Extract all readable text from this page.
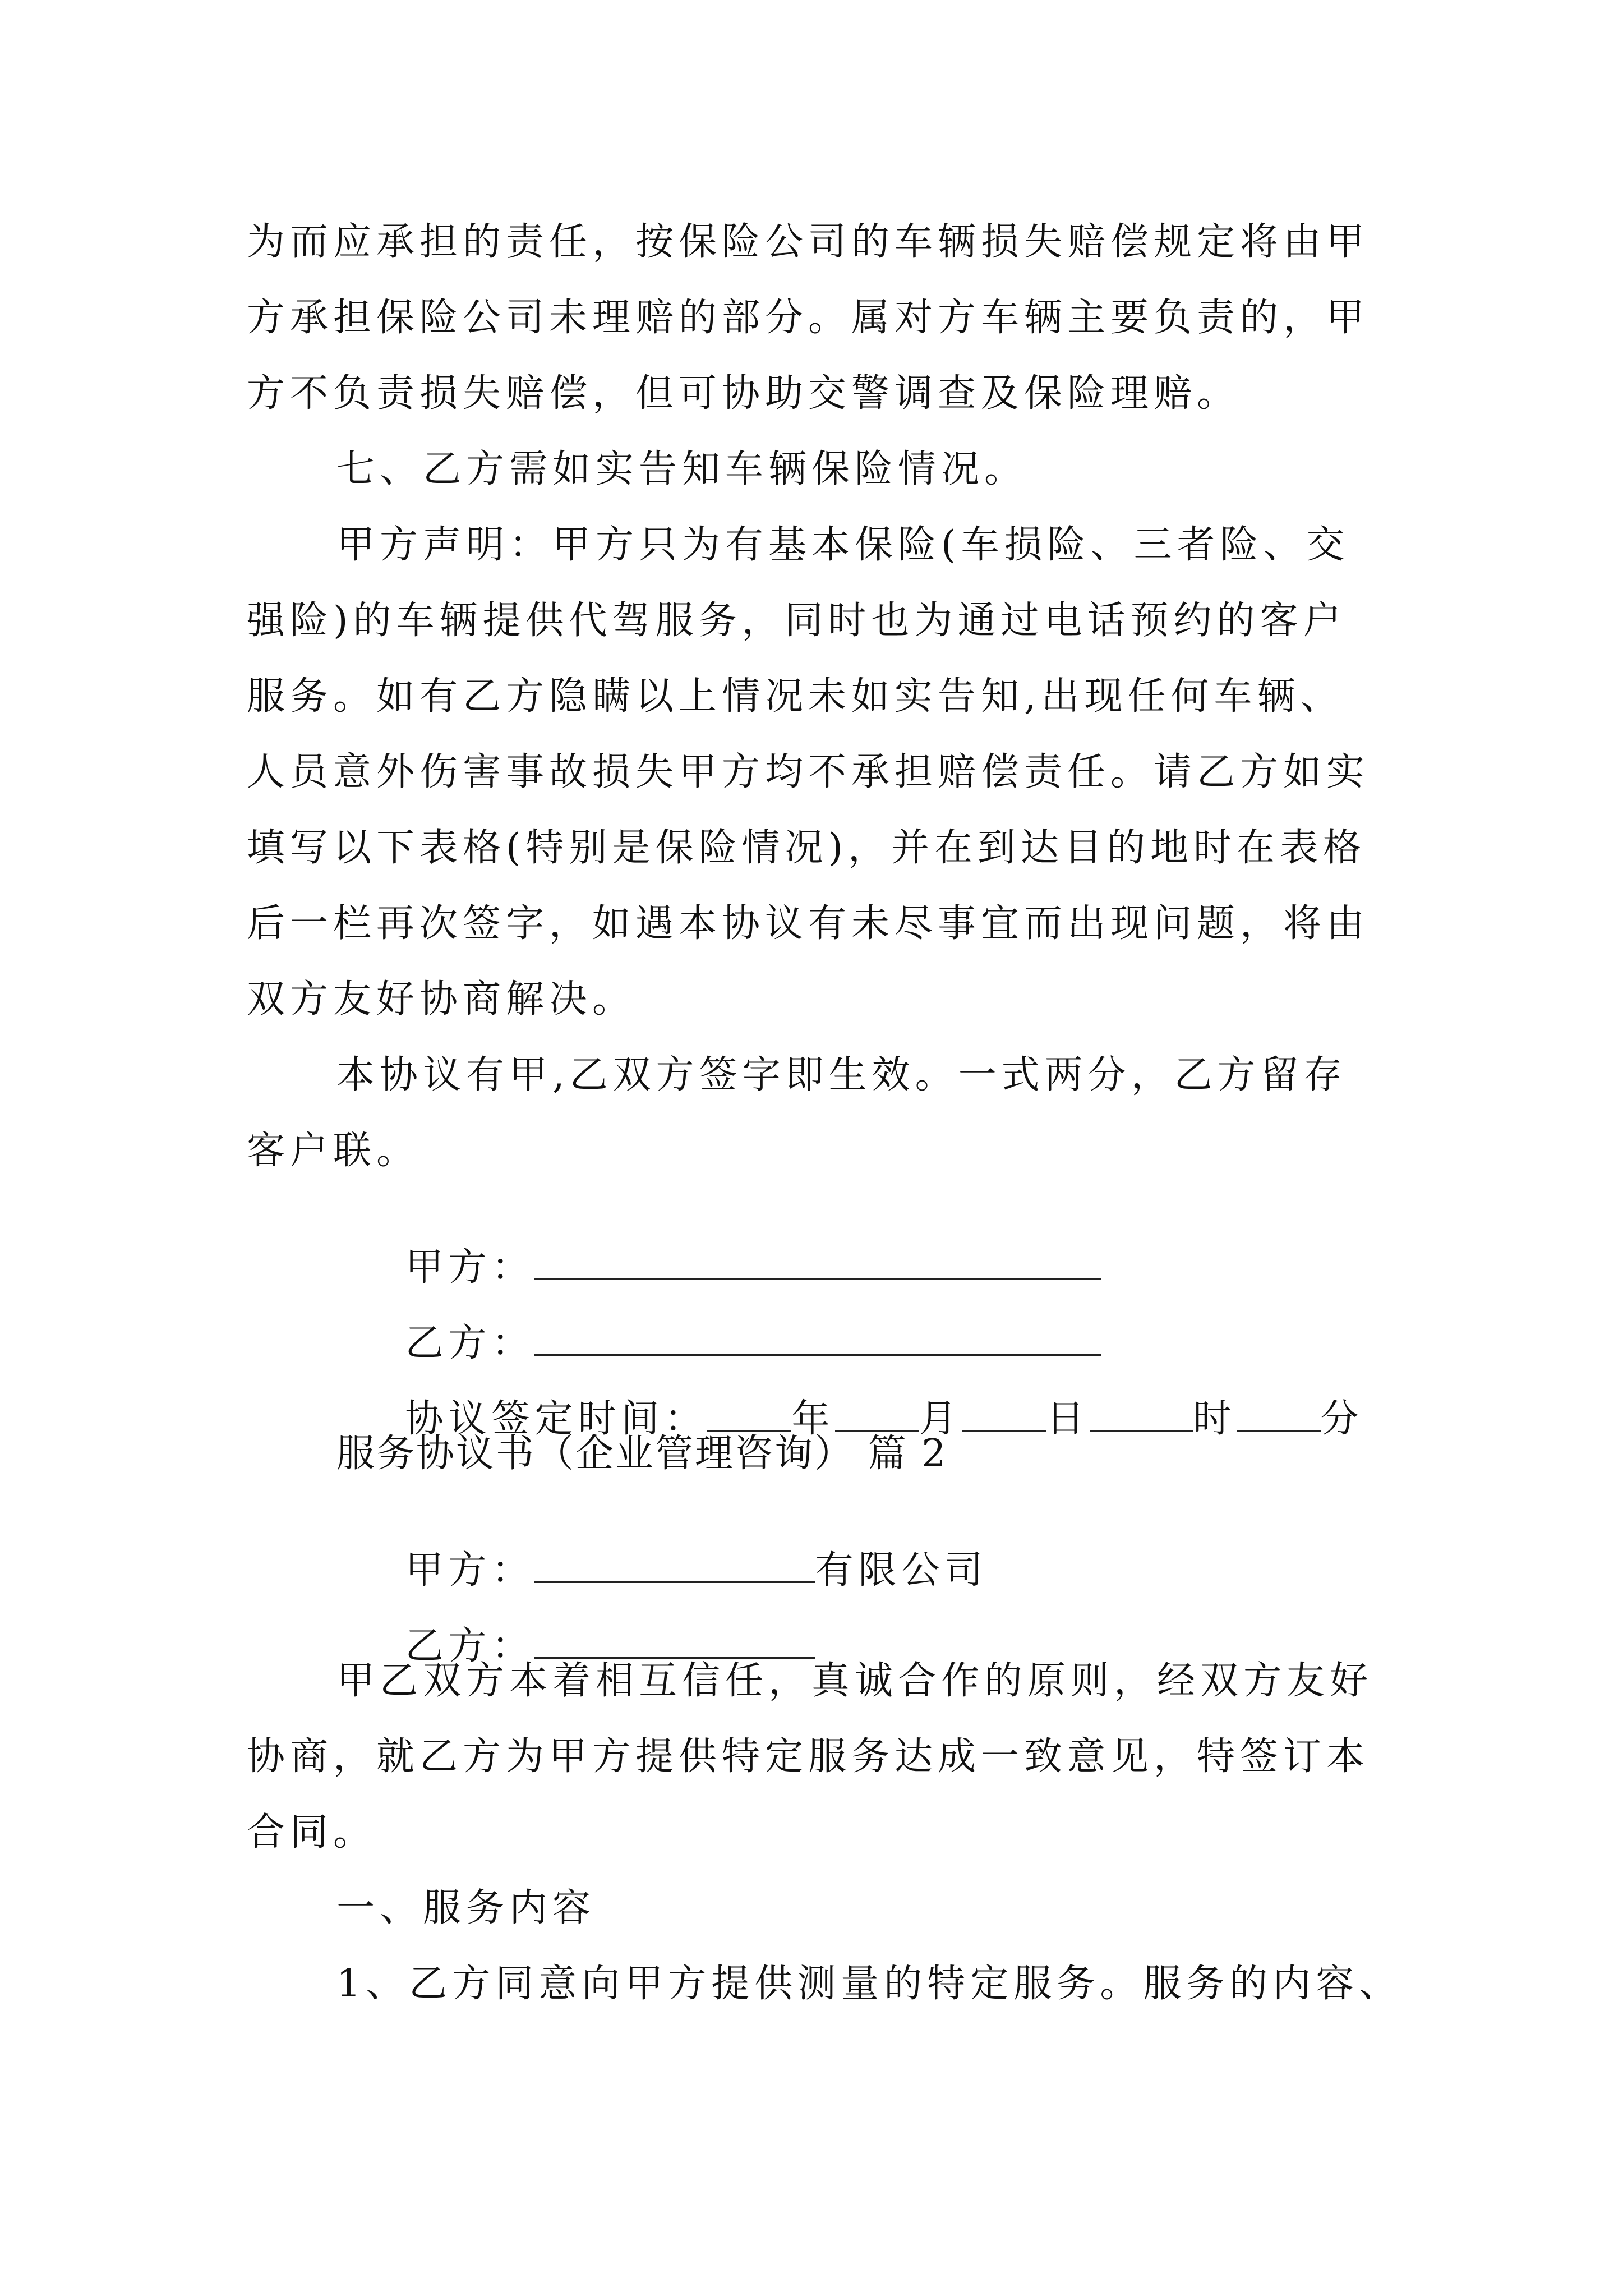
为而应承担的责任，按保险公司的车辆损失赔偿规定将由甲
方承担保险公司未理赔的部分。属对方车辆主要负责的，甲
方不负责损失赔偿，但可协助交警调查及保险理赔。
七、乙方需如实告知车辆保险情况。
甲方声明：甲方只为有基本保险(车损险、三者险、交
强险)的车辆提供代驾服务，同时也为通过电话预约的客户
服务。如有乙方隐瞒以上情况未如实告知,出现任何车辆、
人员意外伤害事故损失甲方均不承担赔偿责任。请乙方如实
填写以下表格(特别是保险情况)，并在到达目的地时在表格
后一栏再次签字，如遇本协议有未尽事宜而出现问题，将由
双方友好协商解决。
本协议有甲,乙双方签字即生效。一式两分，乙方留存
客户联。

甲方：

乙方：

协议签定时间： 年 月 日	时 分

服务协议书（企业管理咨询） 篇 2

甲方：	有限公司

乙方：

甲乙双方本着相互信任，真诚合作的原则，经双方友好
协商，就乙方为甲方提供特定服务达成一致意见，特签订本
合同。
一、服务内容
1、乙方同意向甲方提供测量的特定服务。服务的内容、
